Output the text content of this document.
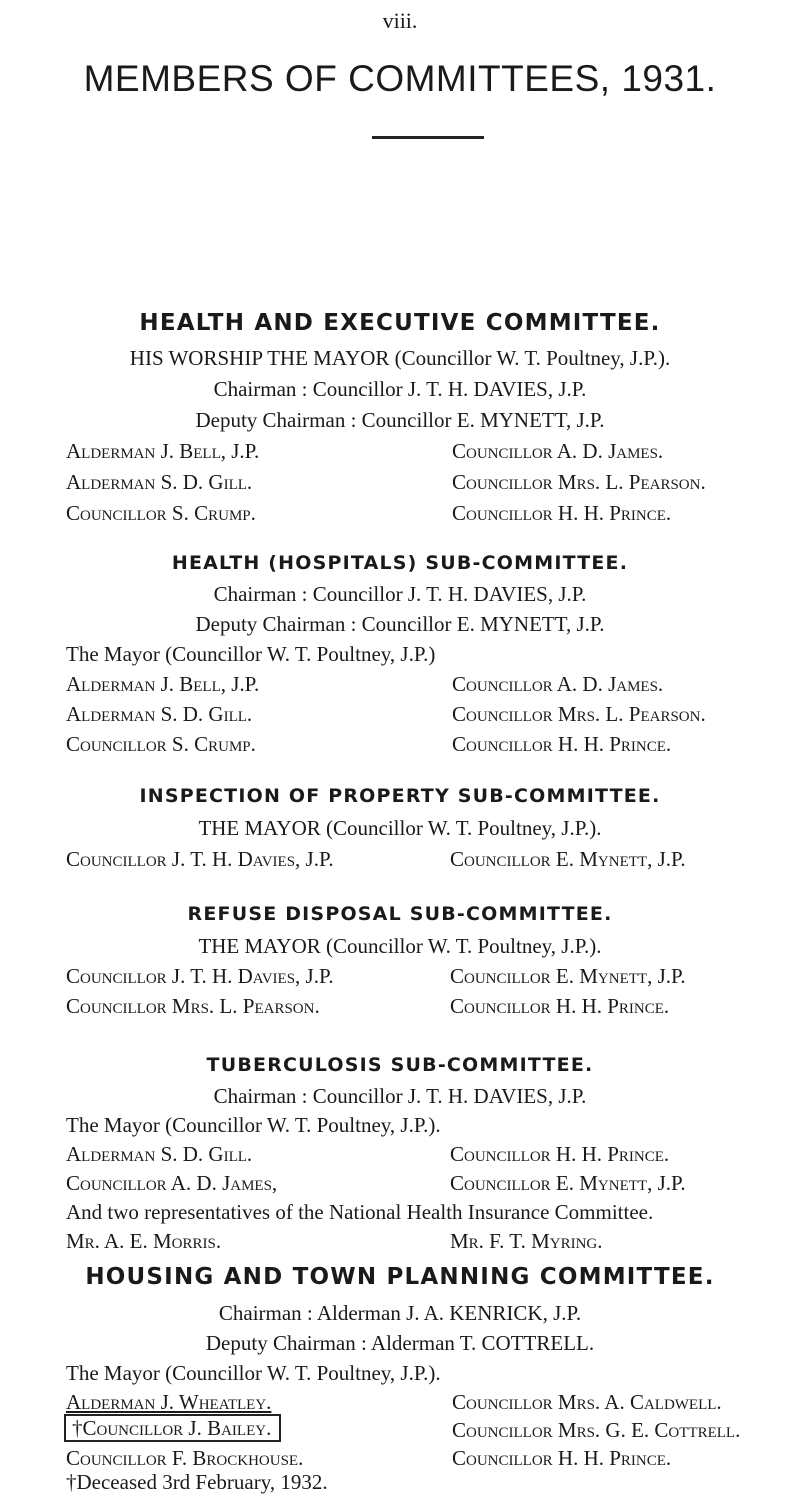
viii.
MEMBERS OF COMMITTEES, 1931.
HEALTH AND EXECUTIVE COMMITTEE.
HIS WORSHIP THE MAYOR (Councillor W. T. Poultney, J.P.).
Chairman : Councillor J. T. H. DAVIES, J.P.
Deputy Chairman : Councillor E. MYNETT, J.P.
Alderman J. Bell, J.P.
Alderman S. D. Gill.
Councillor S. Crump.
Councillor A. D. James.
Councillor Mrs. L. Pearson.
Councillor H. H. Prince.
HEALTH (HOSPITALS) SUB-COMMITTEE.
Chairman : Councillor J. T. H. DAVIES, J.P.
Deputy Chairman : Councillor E. MYNETT, J.P.
The Mayor (Councillor W. T. Poultney, J.P.)
Alderman J. Bell, J.P.
Alderman S. D. Gill.
Councillor S. Crump.
Councillor A. D. James.
Councillor Mrs. L. Pearson.
Councillor H. H. Prince.
INSPECTION OF PROPERTY SUB-COMMITTEE.
THE MAYOR (Councillor W. T. Poultney, J.P.).
Councillor J. T. H. Davies, J.P.	Councillor E. Mynett, J.P.
REFUSE DISPOSAL SUB-COMMITTEE.
THE MAYOR (Councillor W. T. Poultney, J.P.).
Councillor J. T. H. Davies, J.P.
Councillor Mrs. L. Pearson.
Councillor E. Mynett, J.P.
Councillor H. H. Prince.
TUBERCULOSIS SUB-COMMITTEE.
Chairman : Councillor J. T. H. DAVIES, J.P.
The Mayor (Councillor W. T. Poultney, J.P.).
Alderman S. D. Gill.
Councillor A. D. James,
Councillor H. H. Prince.
Councillor E. Mynett, J.P.
And two representatives of the National Health Insurance Committee.
Mr. A. E. Morris.	Mr. F. T. Myring.
HOUSING AND TOWN PLANNING COMMITTEE.
Chairman : Alderman J. A. KENRICK, J.P.
Deputy Chairman : Alderman T. COTTRELL.
The Mayor (Councillor W. T. Poultney, J.P.).
Alderman J. Wheatley.
†Councillor J. Bailey.
Councillor F. Brockhouse.
Councillor Mrs. A. Caldwell.
Councillor Mrs. G. E. Cottrell.
Councillor H. H. Prince.
†Deceased 3rd February, 1932.
